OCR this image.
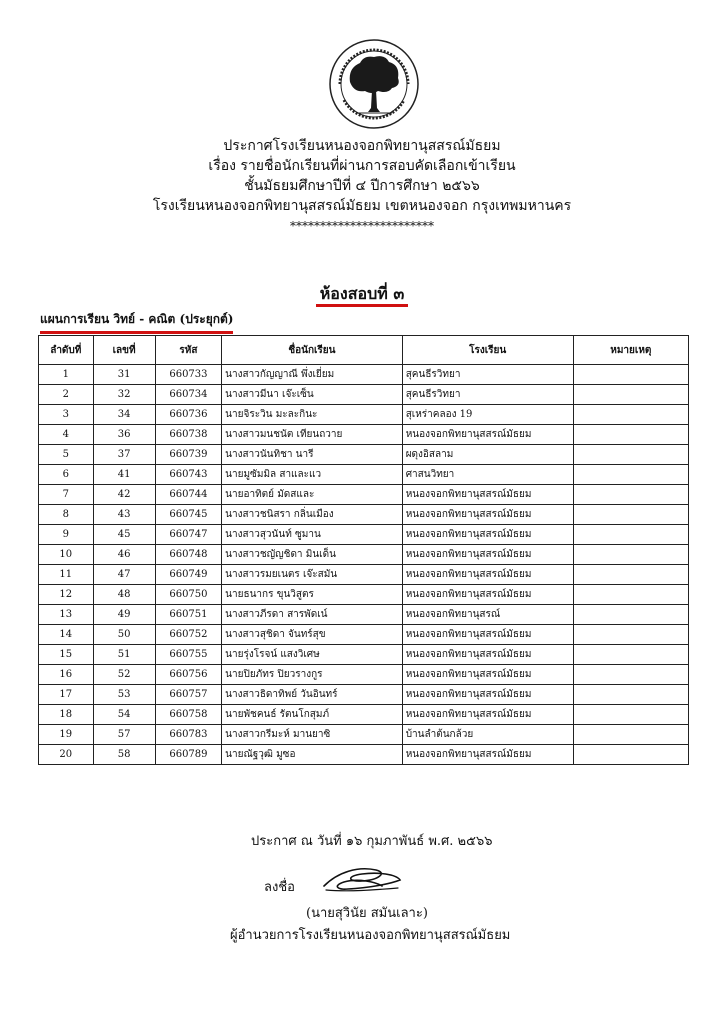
ประกาศโรงเรียนหนองจอกพิทยานุสสรณ์มัธยม
เรื่อง รายชื่อนักเรียนที่ผ่านการสอบคัดเลือกเข้าเรียน
ชั้นมัธยมศึกษาปีที่ ๔ ปีการศึกษา ๒๕๖๖
โรงเรียนหนองจอกพิทยานุสสรณ์มัธยม เขตหนองจอก กรุงเทพมหานคร
************************
ห้องสอบที่ ๓
แผนการเรียน วิทย์ - คณิต (ประยุกต์)
ลำดับที่	เลขที่	รหัส	ชื่อนักเรียน	โรงเรียน	หมายเหตุ
1	31	660733	นางสาวกัญญาณี พึ่งเยี่ยม	สุคนธีรวิทยา	
2	32	660734	นางสาวมีนา เจ๊ะเซ็น	สุคนธีรวิทยา	
3	34	660736	นายจิระวิน มะละกินะ	สุเหร่าคลอง 19	
4	36	660738	นางสาวมนชนัต เทียนถวาย	หนองจอกพิทยานุสสรณ์มัธยม	
5	37	660739	นางสาวนันทิชา นารี	ผดุงอิสลาม	
6	41	660743	นายมูซัมมิล สาและแว	ศาสนวิทยา	
7	42	660744	นายอาทิตย์ มัดสและ	หนองจอกพิทยานุสสรณ์มัธยม	
8	43	660745	นางสาวชนิสรา กลิ่นเมือง	หนองจอกพิทยานุสสรณ์มัธยม	
9	45	660747	นางสาวสุวนันท์ ซูมาน	หนองจอกพิทยานุสสรณ์มัธยม	
10	46	660748	นางสาวชญัญชิดา มินเด็น	หนองจอกพิทยานุสสรณ์มัธยม	
11	47	660749	นางสาวรมยเนตร เจ๊ะสมัน	หนองจอกพิทยานุสสรณ์มัธยม	
12	48	660750	นายธนากร ขุนวิสูตร	หนองจอกพิทยานุสสรณ์มัธยม	
13	49	660751	นางสาวภีรดา สารพัดเน์	หนองจอกพิทยานุสรณ์	
14	50	660752	นางสาวสุชิดา จันทร์สุข	หนองจอกพิทยานุสสรณ์มัธยม	
15	51	660755	นายรุ่งโรจน์ แสงวิเศษ	หนองจอกพิทยานุสสรณ์มัธยม	
16	52	660756	นายปิยภัทร ปิยวรางกูร	หนองจอกพิทยานุสสรณ์มัธยม	
17	53	660757	นางสาวธิดาทิพย์ วันอินทร์	หนองจอกพิทยานุสสรณ์มัธยม	
18	54	660758	นายพัชคนธ์ รัตนโกสุมภ์	หนองจอกพิทยานุสสรณ์มัธยม	
19	57	660783	นางสาวกรีมะห์ มานยาซิ	บ้านลำต้นกล้วย	
20	58	660789	นายณัฐวุฒิ มูซอ	หนองจอกพิทยานุสสรณ์มัธยม	
ประกาศ ณ วันที่ ๑๖ กุมภาพันธ์ พ.ศ. ๒๕๖๖
ลงชื่อ
(นายสุวินัย สมันเลาะ)
ผู้อำนวยการโรงเรียนหนองจอกพิทยานุสสรณ์มัธยม
